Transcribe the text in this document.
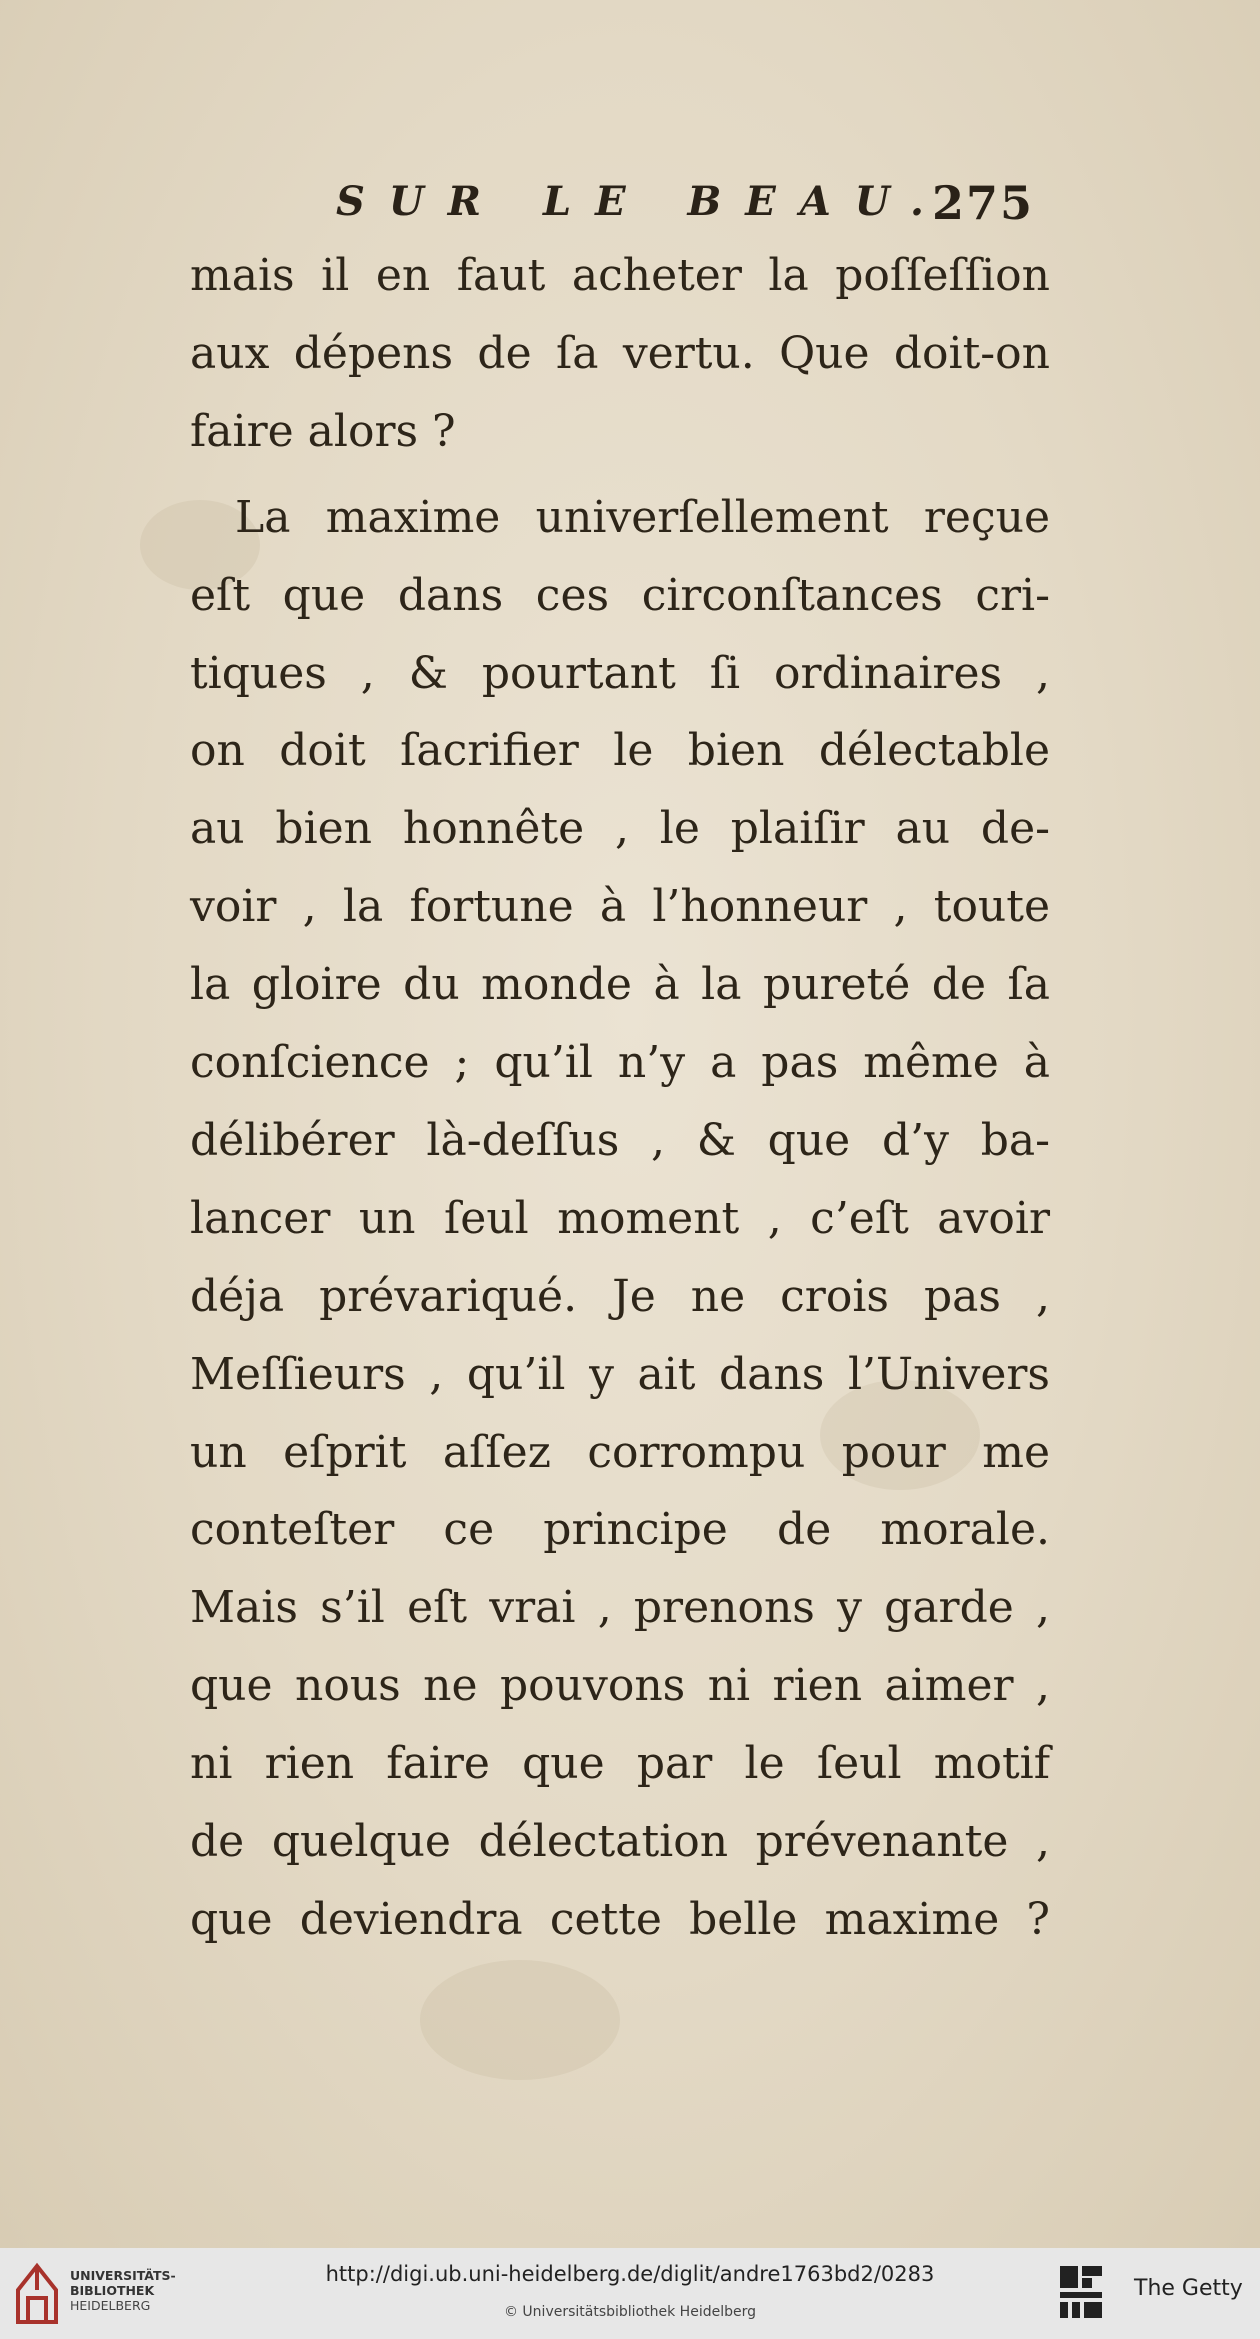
SUR LE BEAU.
275
mais il en faut acheter la poſſeſſion
aux dépens de ſa vertu. Que doit-on
faire alors ?
La maxime univerſellement reçue
eſt que dans ces circonſtances cri-
tiques , & pourtant ſi ordinaires ,
on doit ſacrifier le bien délectable
au bien honnête , le plaiſir au de-
voir , la fortune à l’honneur , toute
la gloire du monde à la pureté de ſa
conſcience ; qu’il n’y a pas même à
délibérer là-deſſus , & que d’y ba-
lancer un ſeul moment , c’eſt avoir
déja prévariqué. Je ne crois pas ,
Meſſieurs , qu’il y ait dans l’Univers
un eſprit aſſez corrompu pour me
conteſter ce principe de morale.
Mais s’il eſt vrai , prenons y garde ,
que nous ne pouvons ni rien aimer ,
ni rien faire que par le ſeul motif
de quelque délectation prévenante ,
que deviendra cette belle maxime ?
UNIVERSITÄTS-
BIBLIOTHEK
HEIDELBERG
http://digi.ub.uni-heidelberg.de/diglit/andre1763bd2/0283
© Universitätsbibliothek Heidelberg
The Getty
